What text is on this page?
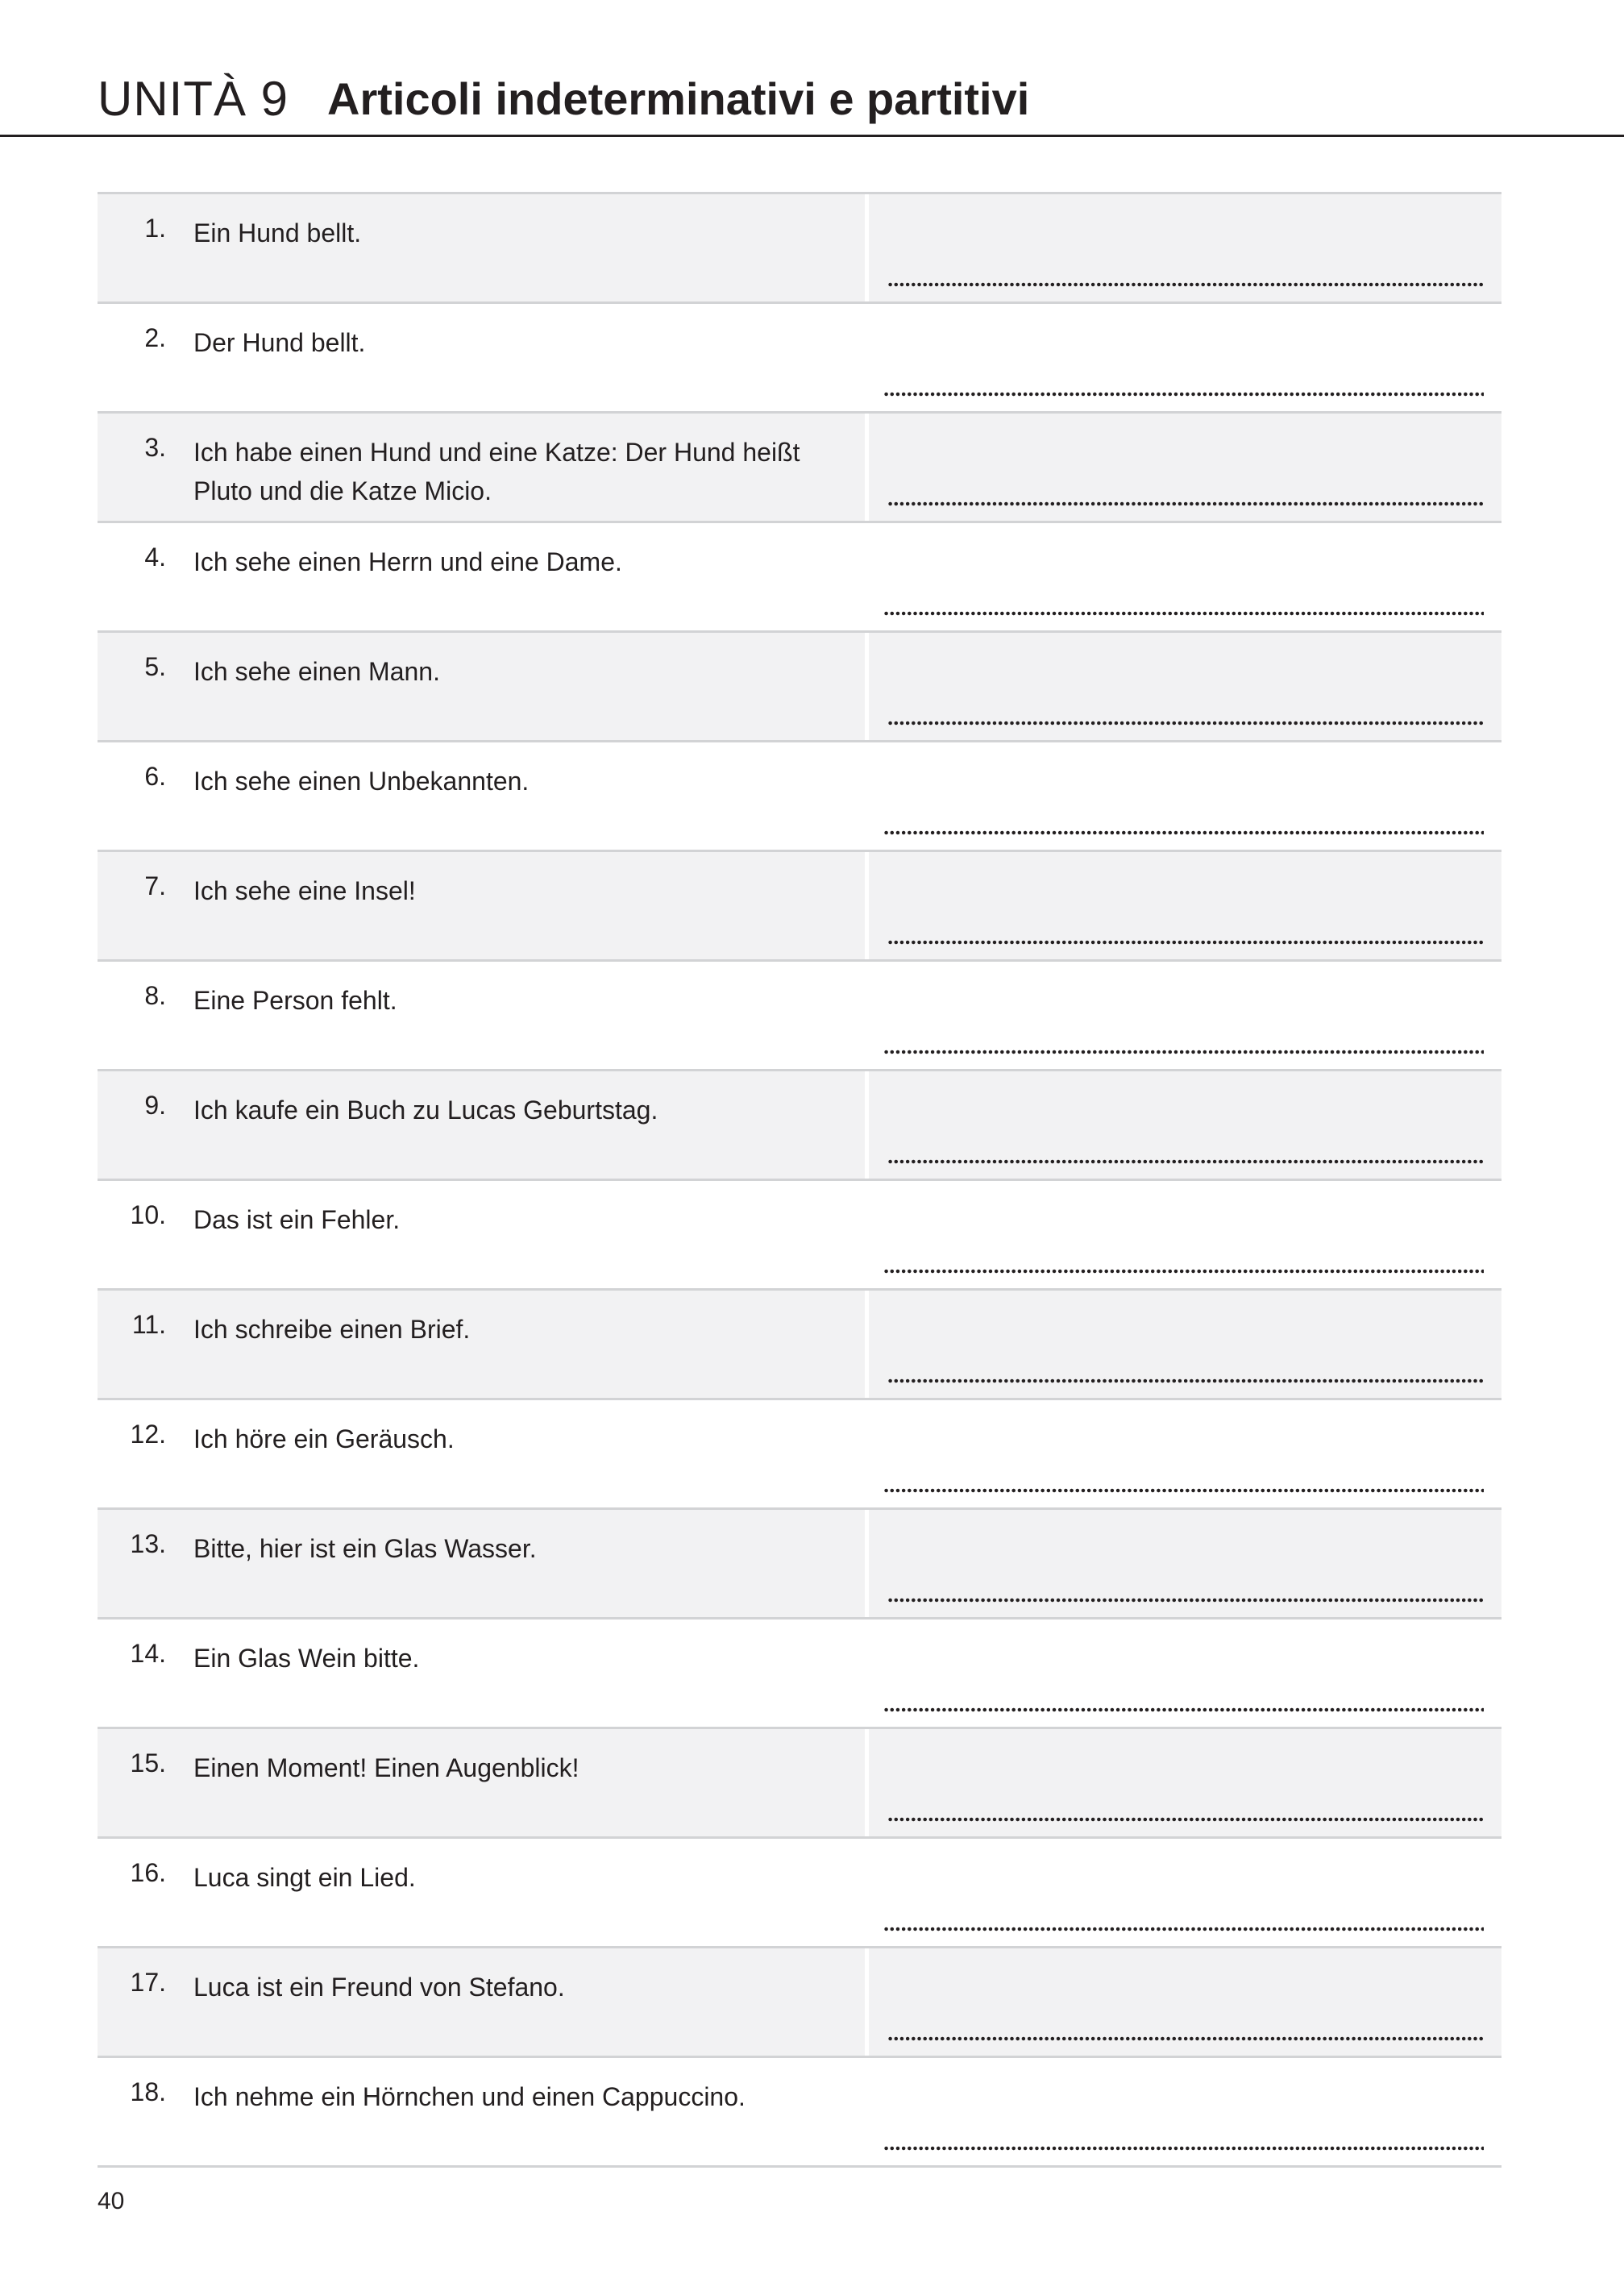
UNITÀ 9 Articoli indeterminativi e partitivi
1. Ein Hund bellt.
2. Der Hund bellt.
3. Ich habe einen Hund und eine Katze: Der Hund heißt Pluto und die Katze Micio.
4. Ich sehe einen Herrn und eine Dame.
5. Ich sehe einen Mann.
6. Ich sehe einen Unbekannten.
7. Ich sehe eine Insel!
8. Eine Person fehlt.
9. Ich kaufe ein Buch zu Lucas Geburtstag.
10. Das ist ein Fehler.
11. Ich schreibe einen Brief.
12. Ich höre ein Geräusch.
13. Bitte, hier ist ein Glas Wasser.
14. Ein Glas Wein bitte.
15. Einen Moment! Einen Augenblick!
16. Luca singt ein Lied.
17. Luca ist ein Freund von Stefano.
18. Ich nehme ein Hörnchen und einen Cappuccino.
40
